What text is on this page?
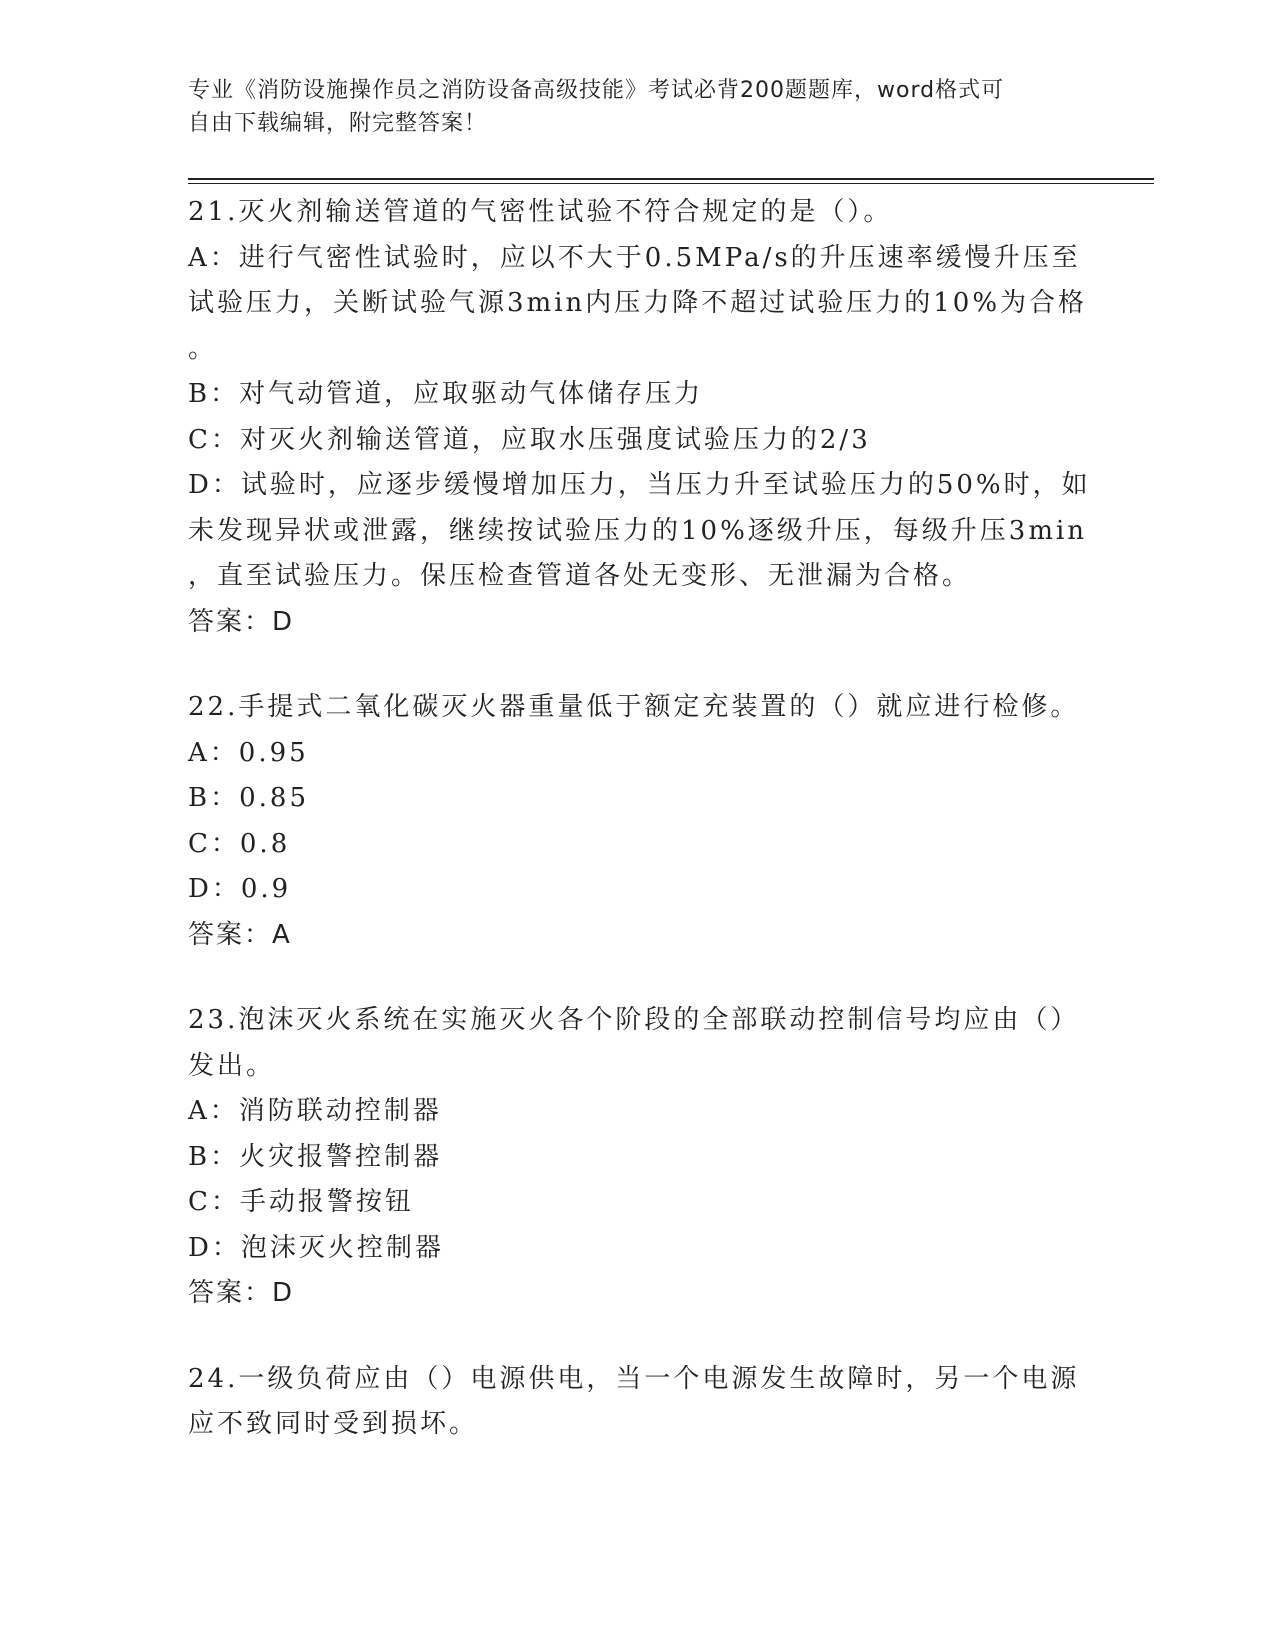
专业《消防设施操作员之消防设备高级技能》考试必背200题题库，word格式可

自由下载编辑，附完整答案！

21.灭火剂输送管道的气密性试验不符合规定的是（）。

A：进行气密性试验时，应以不大于0.5MPa/s的升压速率缓慢升压至

试验压力，关断试验气源3min内压力降不超过试验压力的10%为合格

。

B：对气动管道，应取驱动气体储存压力

C：对灭火剂输送管道，应取水压强度试验压力的2/3

D：试验时，应逐步缓慢增加压力，当压力升至试验压力的50%时，如

未发现异状或泄露，继续按试验压力的10%逐级升压，每级升压3min

，直至试验压力。保压检查管道各处无变形、无泄漏为合格。

答案：D

22.手提式二氧化碳灭火器重量低于额定充装置的（）就应进行检修。

A：0.95

B：0.85

C：0.8

D：0.9

答案：A

23.泡沫灭火系统在实施灭火各个阶段的全部联动控制信号均应由（）

发出。

A：消防联动控制器

B：火灾报警控制器

C：手动报警按钮

D：泡沫灭火控制器

答案：D

24.一级负荷应由（）电源供电，当一个电源发生故障时，另一个电源

应不致同时受到损坏。
